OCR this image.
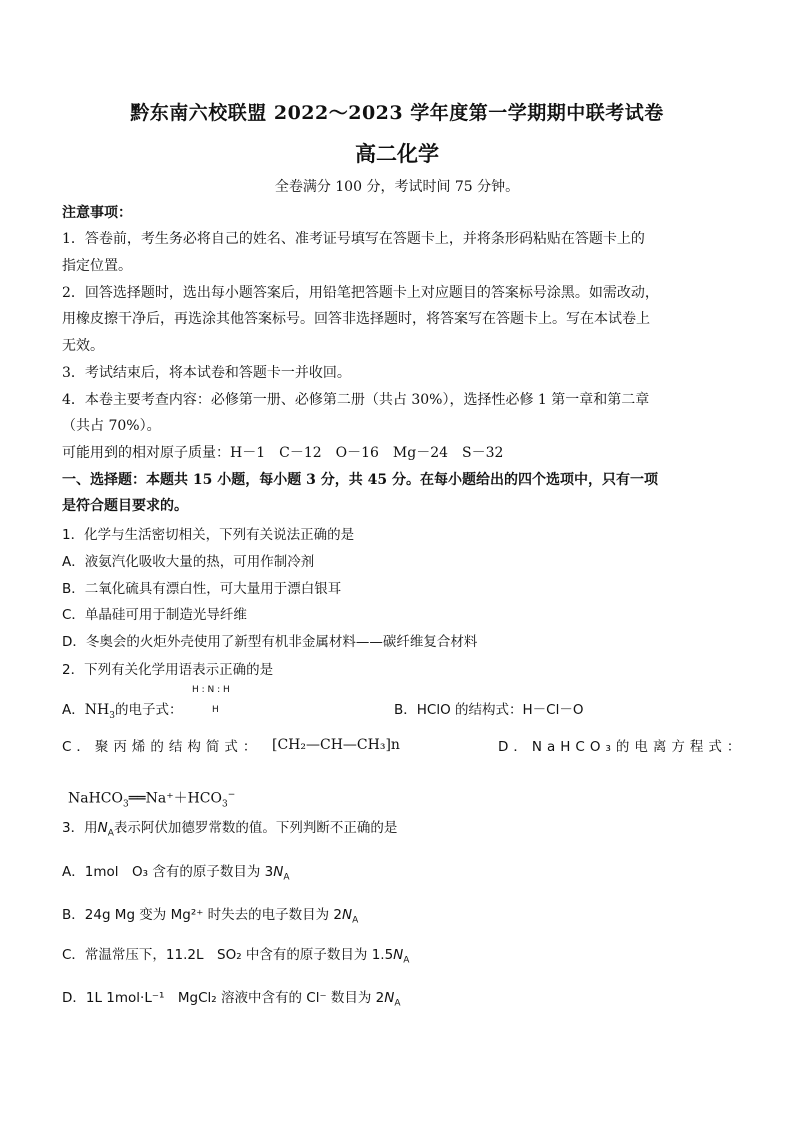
黔东南六校联盟 2022～2023 学年度第一学期期中联考试卷
高二化学
全卷满分 100 分，考试时间 75 分钟。
注意事项：
1．答卷前，考生务必将自己的姓名、准考证号填写在答题卡上，并将条形码粘贴在答题卡上的
指定位置。
2．回答选择题时，选出每小题答案后，用铅笔把答题卡上对应题目的答案标号涂黑。如需改动，
用橡皮擦干净后，再选涂其他答案标号。回答非选择题时，将答案写在答题卡上。写在本试卷上
无效。
3．考试结束后，将本试卷和答题卡一并收回。
4．本卷主要考查内容：必修第一册、必修第二册（共占 30%），选择性必修 1 第一章和第二章
（共占 70%）。
可能用到的相对原子质量：H－1　C－12　O－16　Mg－24　S－32
一、选择题：本题共 15 小题，每小题 3 分，共 45 分。在每小题给出的四个选项中，只有一项
是符合题目要求的。
1．化学与生活密切相关，下列有关说法正确的是
A．液氨汽化吸收大量的热，可用作制冷剂
B．二氧化硫具有漂白性，可大量用于漂白银耳
C．单晶硅可用于制造光导纤维
D．冬奥会的火炬外壳使用了新型有机非金属材料——碳纤维复合材料
2．下列有关化学用语表示正确的是
H : N : H
H
A．$NH_3$的电子式：	B．HClO 的结构式：H－Cl－O
C．聚丙烯的结构简式： [CH₂—CH—CH₃]n	D．NaHCO₃的电离方程式：
$NaHCO_3══Na^++HCO_3^-$
3．用$N_A$表示阿伏加德罗常数的值。下列判断不正确的是
A．1mol　O₃ 含有的原子数目为 $3N_A$
B．24g Mg 变为 Mg²⁺ 时失去的电子数目为 $2N_A$
C．常温常压下，11.2L　SO₂ 中含有的原子数目为 $1.5N_A$
D．1L 1mol·L⁻¹　MgCl₂ 溶液中含有的 Cl⁻ 数目为 $2N_A$
